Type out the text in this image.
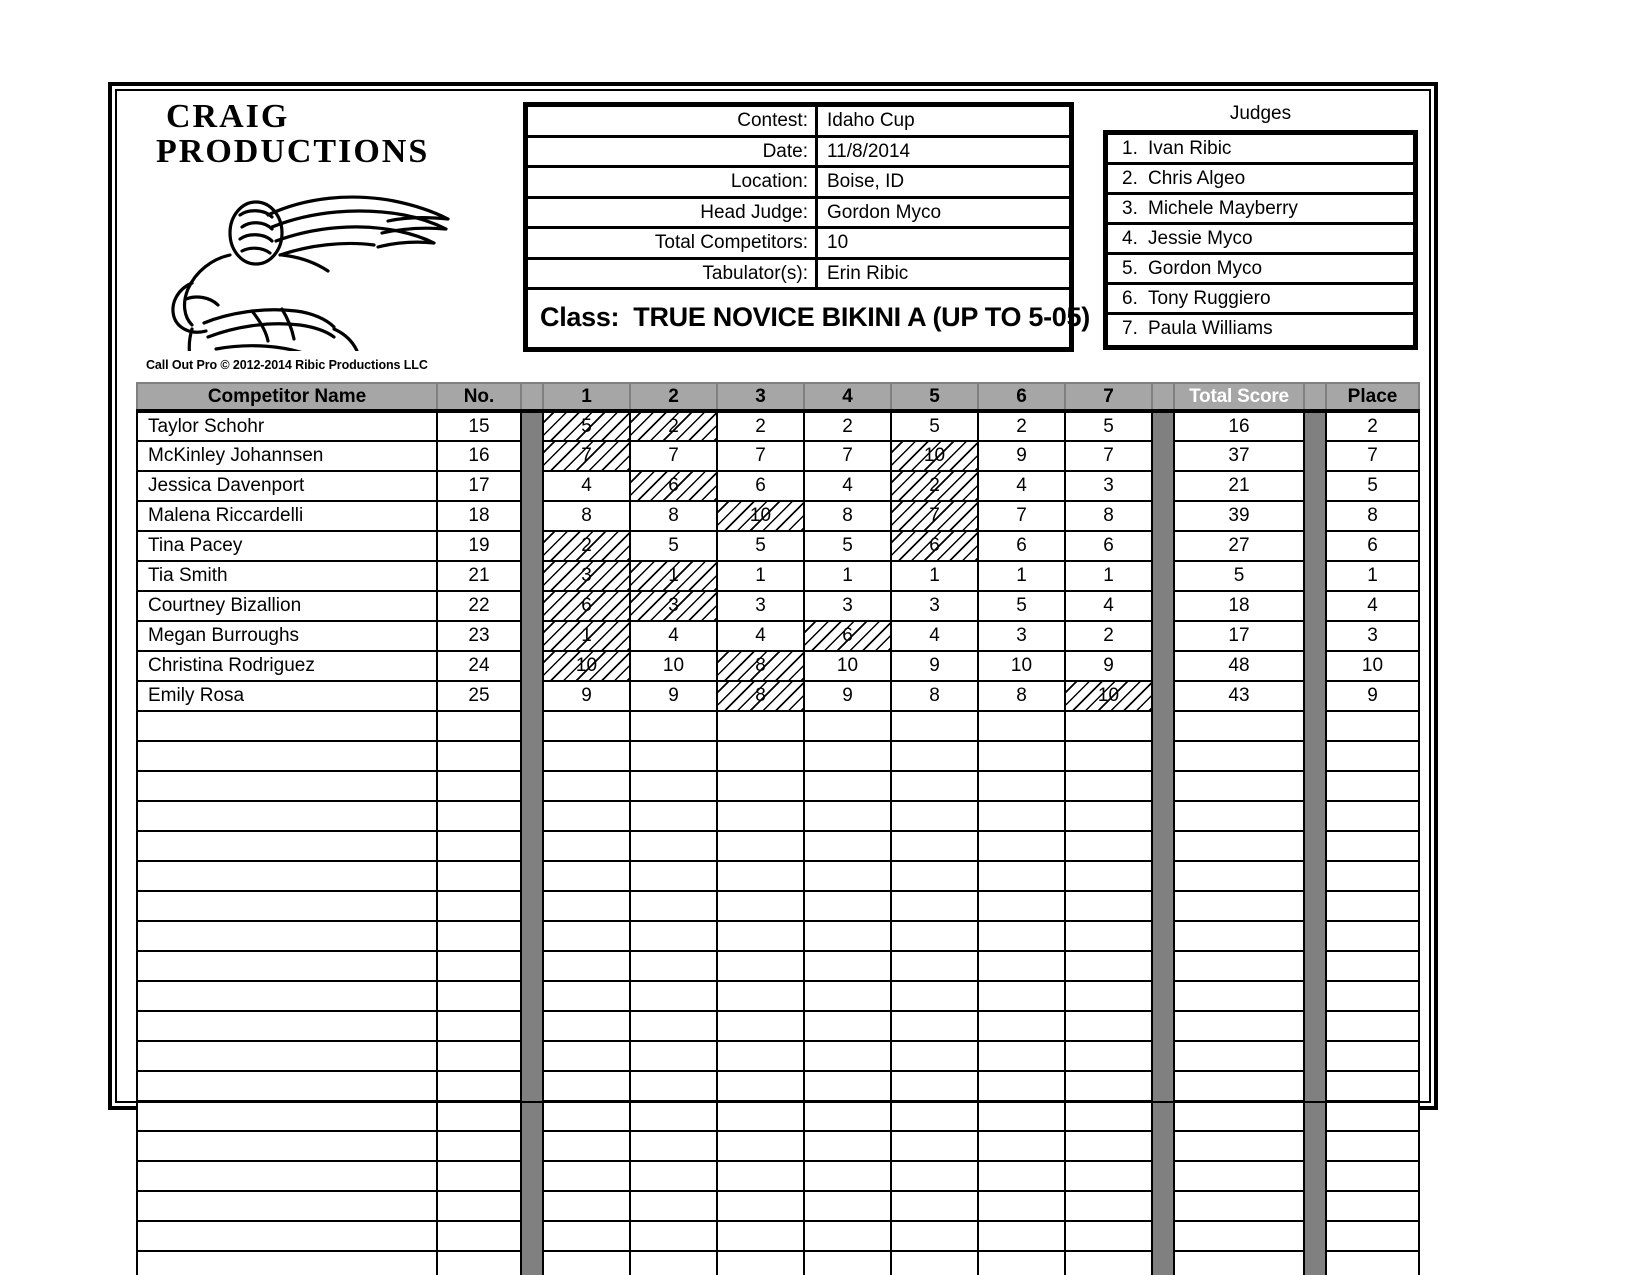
CRAIG
PRODUCTIONS
Call Out Pro © 2012-2014 Ribic Productions LLC
Contest:	Idaho Cup
Date:	11/8/2014
Location:	Boise, ID
Head Judge:	Gordon Myco
Total Competitors:	10
Tabulator(s):	Erin Ribic
Class: TRUE NOVICE BIKINI A (UP TO 5-05)
Judges
1. Ivan Ribic
2. Chris Algeo
3. Michele Mayberry
4. Jessie Myco
5. Gordon Myco
6. Tony Ruggiero
7. Paula Williams
Competitor Name	No.		1	2	3	4	5	6	7		Total Score		Place
Taylor Schohr	15		5	2	2	2	5	2	5		16		2
McKinley Johannsen	16		7	7	7	7	10	9	7		37		7
Jessica Davenport	17		4	6	6	4	2	4	3		21		5
Malena Riccardelli	18		8	8	10	8	7	7	8		39		8
Tina Pacey	19		2	5	5	5	6	6	6		27		6
Tia Smith	21		3	1	1	1	1	1	1		5		1
Courtney Bizallion	22		6	3	3	3	3	5	4		18		4
Megan Burroughs	23		1	4	4	6	4	3	2		17		3
Christina Rodriguez	24		10	10	8	10	9	10	9		48		10
Emily Rosa	25		9	9	8	9	8	8	10		43		9
